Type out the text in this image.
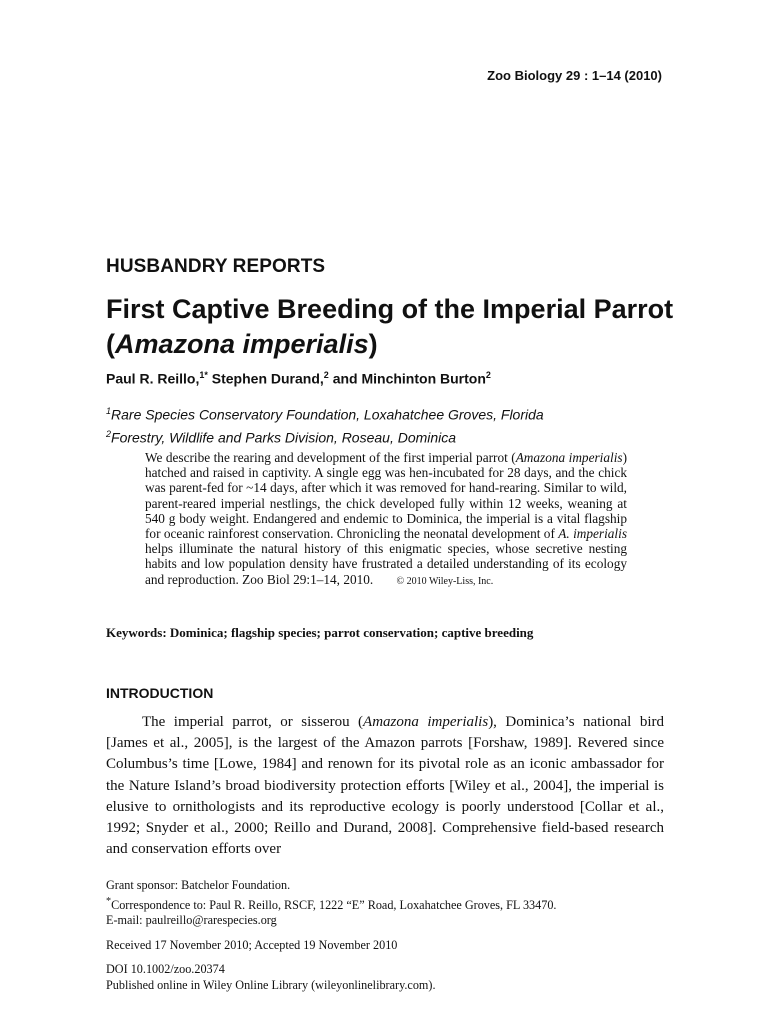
Zoo Biology 29 : 1–14 (2010)
HUSBANDRY REPORTS
First Captive Breeding of the Imperial Parrot (Amazona imperialis)

Paul R. Reillo,$^{1*}$ Stephen Durand,$^2$ and Minchinton Burton$^2$

$^1$Rare Species Conservatory Foundation, Loxahatchee Groves, Florida
$^2$Forestry, Wildlife and Parks Division, Roseau, Dominica

We describe the rearing and development of the first imperial parrot (Amazona imperialis) hatched and raised in captivity. A single egg was hen-incubated for 28 days, and the chick was parent-fed for ~14 days, after which it was removed for hand-rearing. Similar to wild, parent-reared imperial nestlings, the chick developed fully within 12 weeks, weaning at 540 g body weight. Endangered and endemic to Dominica, the imperial is a vital flagship for oceanic rainforest conservation. Chronicling the neonatal development of A. imperialis helps illuminate the natural history of this enigmatic species, whose secretive nesting habits and low population density have frustrated a detailed understanding of its ecology and reproduction. Zoo Biol 29:1–14, 2010. © 2010 Wiley-Liss, Inc.

Keywords: Dominica; flagship species; parrot conservation; captive breeding
INTRODUCTION

The imperial parrot, or sisserou (Amazona imperialis), Dominica’s national bird [James et al., 2005], is the largest of the Amazon parrots [Forshaw, 1989]. Revered since Columbus’s time [Lowe, 1984] and renown for its pivotal role as an iconic ambassador for the Nature Island’s broad biodiversity protection efforts [Wiley et al., 2004], the imperial is elusive to ornithologists and its reproductive ecology is poorly understood [Collar et al., 1992; Snyder et al., 2000; Reillo and Durand, 2008]. Comprehensive field-based research and conservation efforts over

Grant sponsor: Batchelor Foundation.

*Correspondence to: Paul R. Reillo, RSCF, 1222 “E” Road, Loxahatchee Groves, FL 33470.

E-mail: paulreillo@rarespecies.org

Received 17 November 2010; Accepted 19 November 2010

DOI 10.1002/zoo.20374

Published online in Wiley Online Library (wileyonlinelibrary.com).
